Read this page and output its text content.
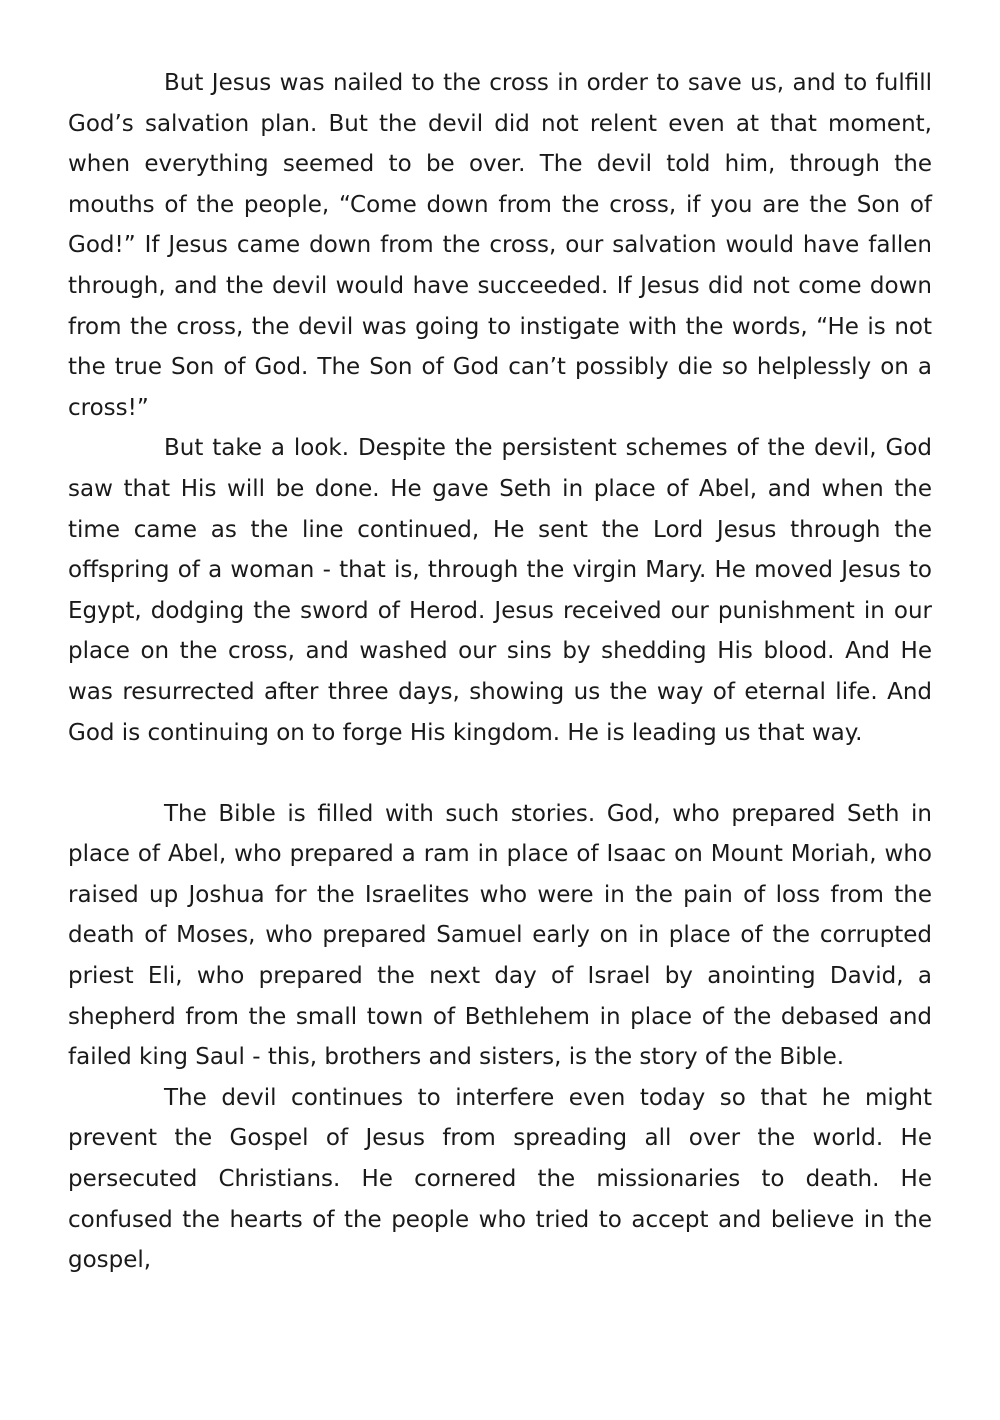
But Jesus was nailed to the cross in order to save us, and to fulfill God’s salvation plan. But the devil did not relent even at that moment, when everything seemed to be over. The devil told him, through the mouths of the people, “Come down from the cross, if you are the Son of God!” If Jesus came down from the cross, our salvation would have fallen through, and the devil would have succeeded. If Jesus did not come down from the cross, the devil was going to instigate with the words, “He is not the true Son of God. The Son of God can’t possibly die so helplessly on a cross!”

But take a look. Despite the persistent schemes of the devil, God saw that His will be done. He gave Seth in place of Abel, and when the time came as the line continued, He sent the Lord Jesus through the offspring of a woman - that is, through the virgin Mary. He moved Jesus to Egypt, dodging the sword of Herod. Jesus received our punishment in our place on the cross, and washed our sins by shedding His blood. And He was resurrected after three days, showing us the way of eternal life. And God is continuing on to forge His kingdom. He is leading us that way.

The Bible is filled with such stories. God, who prepared Seth in place of Abel, who prepared a ram in place of Isaac on Mount Moriah, who raised up Joshua for the Israelites who were in the pain of loss from the death of Moses, who prepared Samuel early on in place of the corrupted priest Eli, who prepared the next day of Israel by anointing David, a shepherd from the small town of Bethlehem in place of the debased and failed king Saul - this, brothers and sisters, is the story of the Bible.

The devil continues to interfere even today so that he might prevent the Gospel of Jesus from spreading all over the world. He persecuted Christians. He cornered the missionaries to death. He confused the hearts of the people who tried to accept and believe in the gospel,
